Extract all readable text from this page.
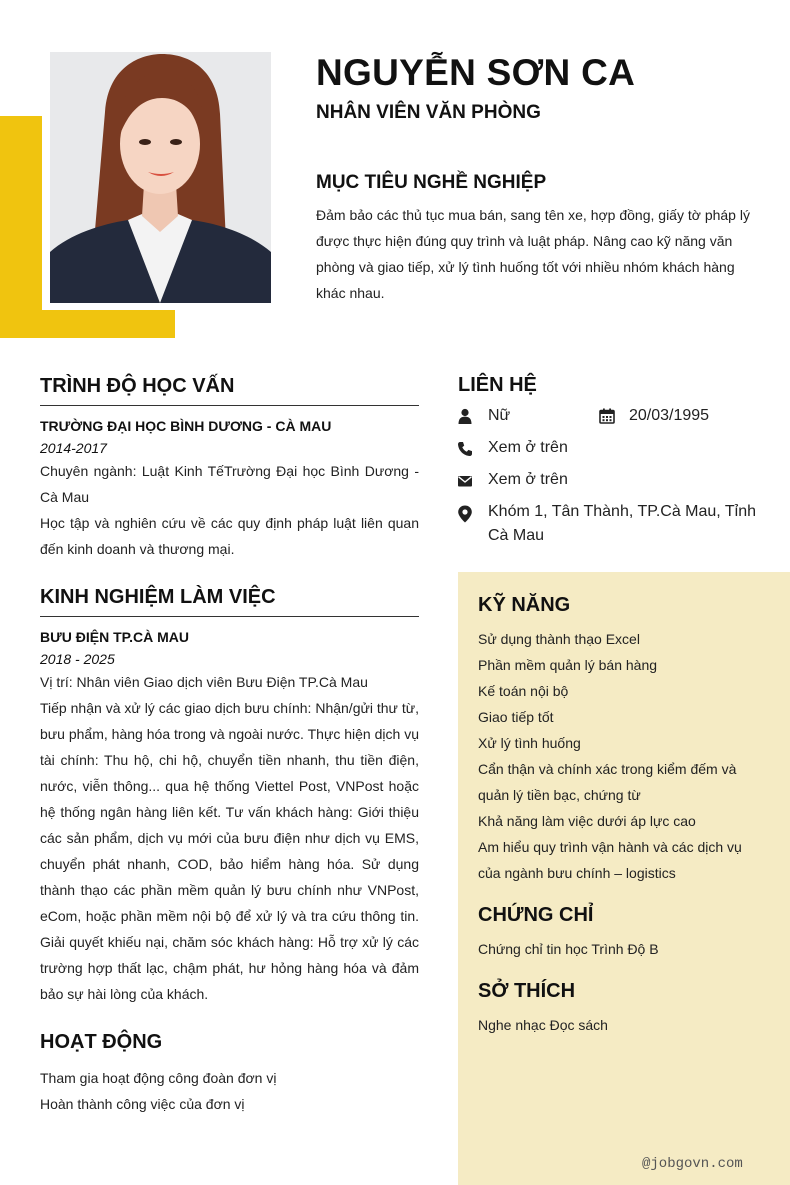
NGUYỄN SƠN CA
NHÂN VIÊN VĂN PHÒNG
MỤC TIÊU NGHỀ NGHIỆP
Đảm bảo các thủ tục mua bán, sang tên xe, hợp đồng, giấy tờ pháp lý được thực hiện đúng quy trình và luật pháp. Nâng cao kỹ năng văn phòng và giao tiếp, xử lý tình huống tốt với nhiều nhóm khách hàng khác nhau.
TRÌNH ĐỘ HỌC VẤN
TRƯỜNG ĐẠI HỌC BÌNH DƯƠNG - CÀ MAU
2014-2017
Chuyên ngành: Luật Kinh TếTrường Đại học Bình Dương - Cà Mau
Học tập và nghiên cứu về các quy định pháp luật liên quan đến kinh doanh và thương mại.
KINH NGHIỆM LÀM VIỆC
BƯU ĐIỆN TP.CÀ MAU
2018 - 2025
Vị trí: Nhân viên Giao dịch viên Bưu Điện TP.Cà Mau
Tiếp nhận và xử lý các giao dịch bưu chính: Nhận/gửi thư từ, bưu phẩm, hàng hóa trong và ngoài nước. Thực hiện dịch vụ tài chính: Thu hộ, chi hộ, chuyển tiền nhanh, thu tiền điện, nước, viễn thông... qua hệ thống Viettel Post, VNPost hoặc hệ thống ngân hàng liên kết. Tư vấn khách hàng: Giới thiệu các sản phẩm, dịch vụ mới của bưu điện như dịch vụ EMS, chuyển phát nhanh, COD, bảo hiểm hàng hóa. Sử dụng thành thạo các phần mềm quản lý bưu chính như VNPost, eCom, hoặc phần mềm nội bộ để xử lý và tra cứu thông tin. Giải quyết khiếu nại, chăm sóc khách hàng: Hỗ trợ xử lý các trường hợp thất lạc, chậm phát, hư hỏng hàng hóa và đảm bảo sự hài lòng của khách.
HOẠT ĐỘNG
Tham gia hoạt động công đoàn đơn vị
Hoàn thành công việc của đơn vị
LIÊN HỆ
Nữ	20/03/1995
Xem ở trên
Xem ở trên
Khóm 1, Tân Thành, TP.Cà Mau, Tỉnh Cà Mau
KỸ NĂNG
Sử dụng thành thạo Excel
Phần mềm quản lý bán hàng
Kế toán nội bộ
Giao tiếp tốt
Xử lý tình huống
Cẩn thận và chính xác trong kiểm đếm và quản lý tiền bạc, chứng từ
Khả năng làm việc dưới áp lực cao
Am hiểu quy trình vận hành và các dịch vụ của ngành bưu chính – logistics
CHỨNG CHỈ
Chứng chỉ tin học Trình Độ B
SỞ THÍCH
Nghe nhạc Đọc sách
@jobgovn.com
